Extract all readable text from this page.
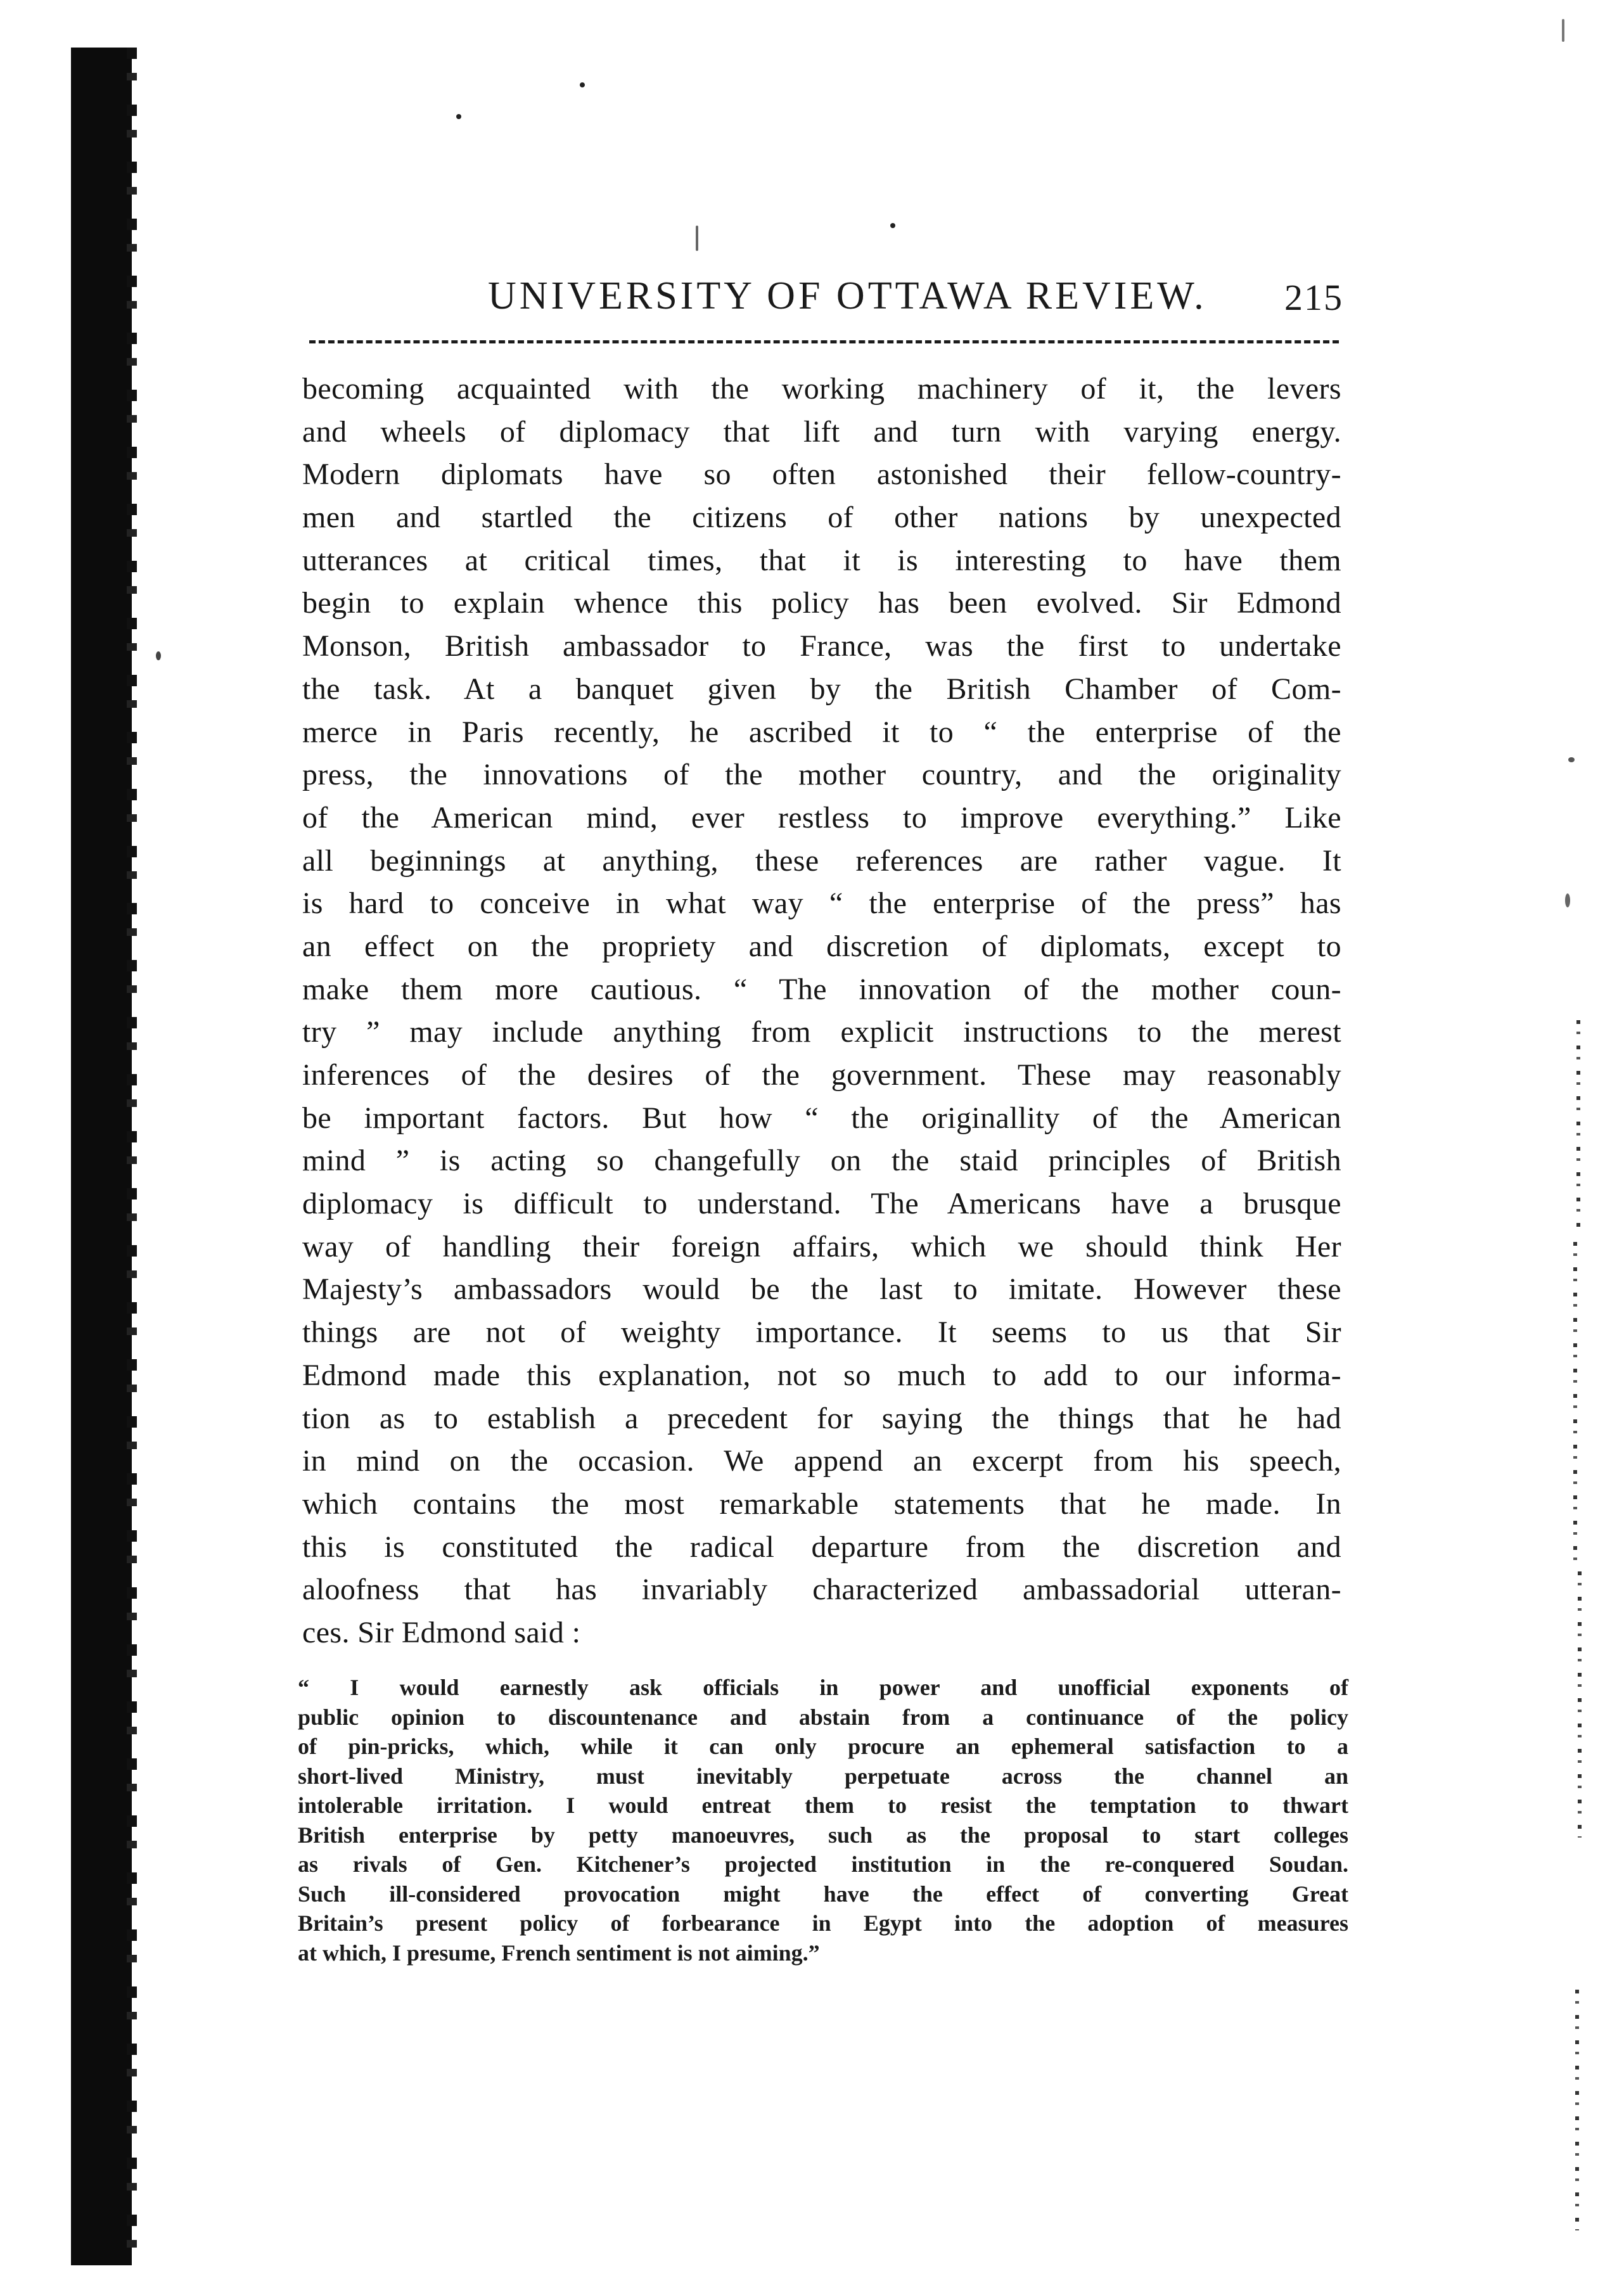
UNIVERSITY OF OTTAWA REVIEW. 215
becoming acquainted with the working machinery of it, the levers
and wheels of diplomacy that lift and turn with varying energy.
Modern diplomats have so often astonished their fellow-country-
men and startled the citizens of other nations by unexpected
utterances at critical times, that it is interesting to have them
begin to explain whence this policy has been evolved. Sir Edmond
Monson, British ambassador to France, was the first to undertake
the task. At a banquet given by the British Chamber of Com-
merce in Paris recently, he ascribed it to “ the enterprise of the
press, the innovations of the mother country, and the originality
of the American mind, ever restless to improve everything.” Like
all beginnings at anything, these references are rather vague. It
is hard to conceive in what way “ the enterprise of the press” has
an effect on the propriety and discretion of diplomats, except to
make them more cautious. “ The innovation of the mother coun-
try ” may include anything from explicit instructions to the merest
inferences of the desires of the government. These may reasonably
be important factors. But how “ the originallity of the American
mind ” is acting so changefully on the staid principles of British
diplomacy is difficult to understand. The Americans have a brusque
way of handling their foreign affairs, which we should think Her
Majesty’s ambassadors would be the last to imitate. However these
things are not of weighty importance. It seems to us that Sir
Edmond made this explanation, not so much to add to our informa-
tion as to establish a precedent for saying the things that he had
in mind on the occasion. We append an excerpt from his speech,
which contains the most remarkable statements that he made. In
this is constituted the radical departure from the discretion and
aloofness that has invariably characterized ambassadorial utteran-
ces. Sir Edmond said :
“ I would earnestly ask officials in power and unofficial exponents of
public opinion to discountenance and abstain from a continuance of the policy
of pin-pricks, which, while it can only procure an ephemeral satisfaction to a
short-lived Ministry, must inevitably perpetuate across the channel an
intolerable irritation. I would entreat them to resist the temptation to thwart
British enterprise by petty manoeuvres, such as the proposal to start colleges
as rivals of Gen. Kitchener’s projected institution in the re-conquered Soudan.
Such ill-considered provocation might have the effect of converting Great
Britain’s present policy of forbearance in Egypt into the adoption of measures
at which, I presume, French sentiment is not aiming.”
